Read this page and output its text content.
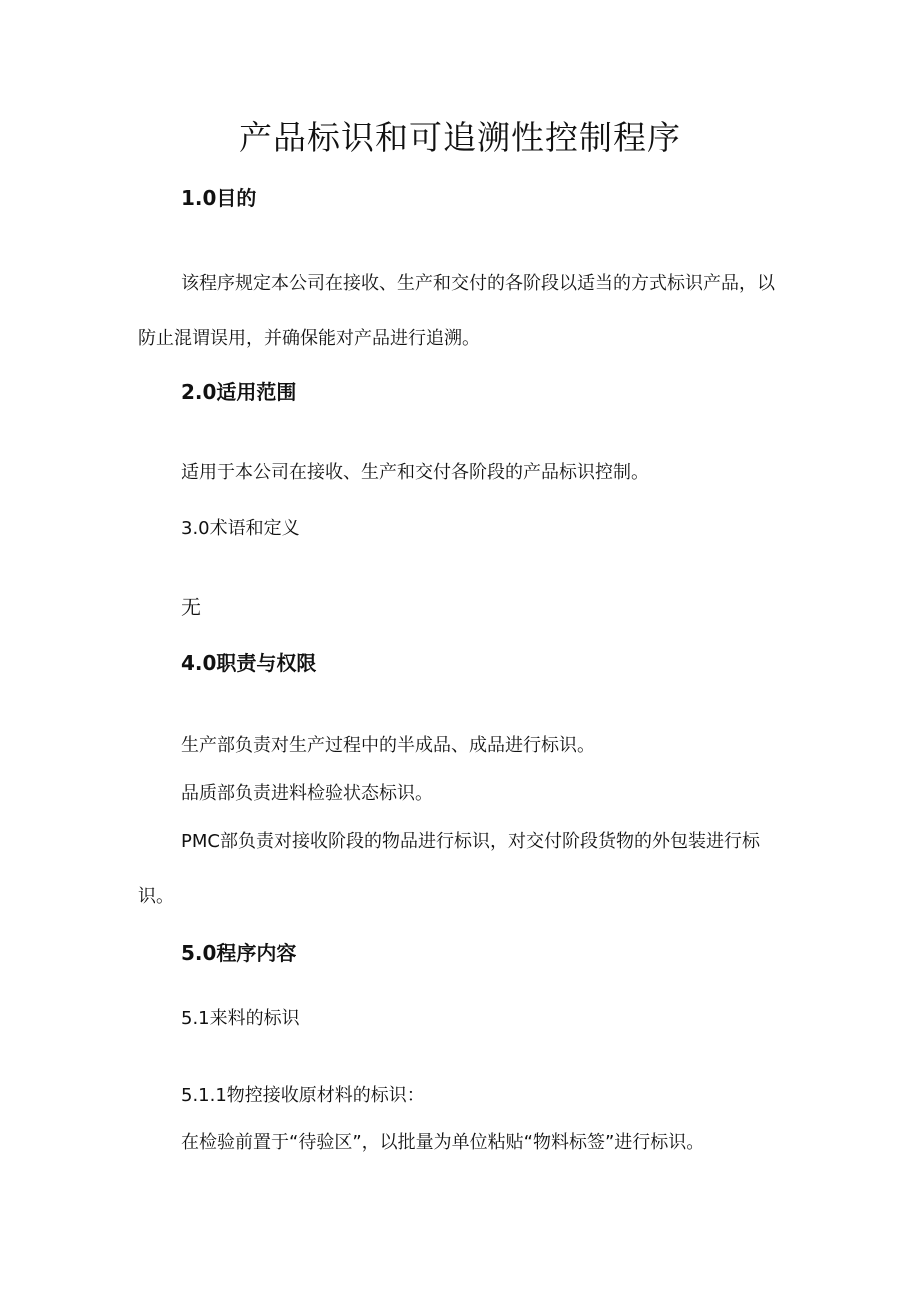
产品标识和可追溯性控制程序
1.0目的
该程序规定本公司在接收、生产和交付的各阶段以适当的方式标识产品，以防止混谓误用，并确保能对产品进行追溯。
2.0适用范围
适用于本公司在接收、生产和交付各阶段的产品标识控制。
3.0术语和定义
无
4.0职责与权限
生产部负责对生产过程中的半成品、成品进行标识。
品质部负责进料检验状态标识。
PMC部负责对接收阶段的物品进行标识，对交付阶段货物的外包装进行标识。
5.0程序内容
5.1来料的标识
5.1.1物控接收原材料的标识：
在检验前置于“待验区”，以批量为单位粘贴“物料标签”进行标识。
